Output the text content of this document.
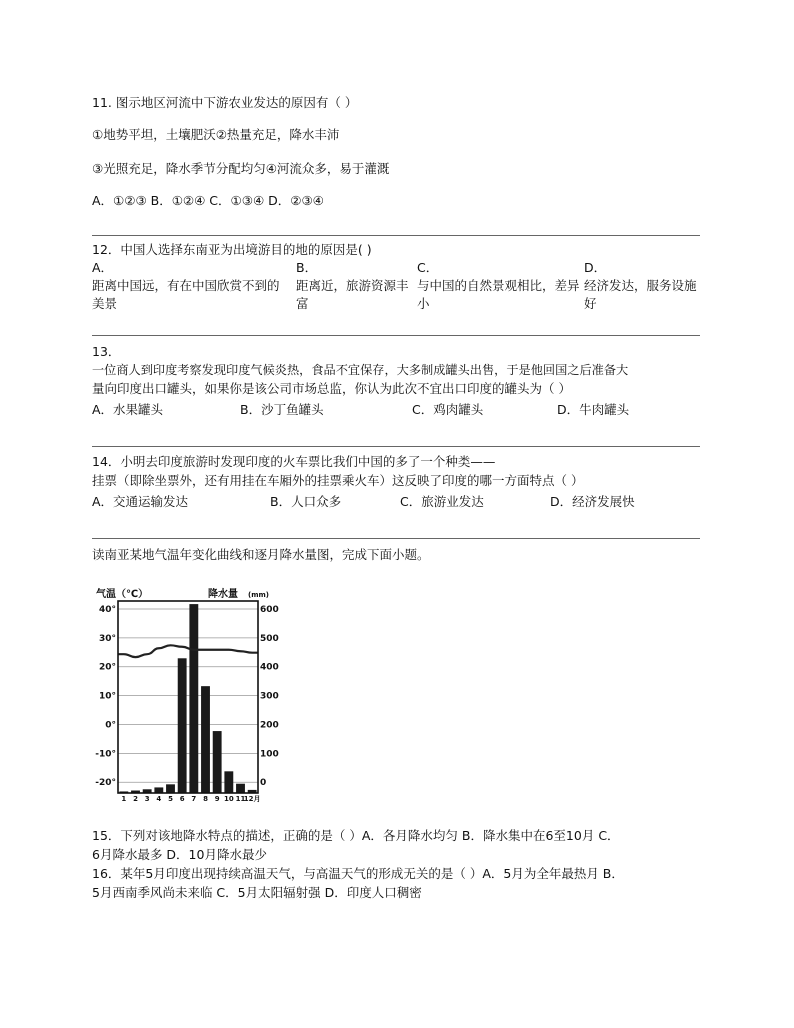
11. 图示地区河流中下游农业发达的原因有（ ）
①地势平坦，土壤肥沃②热量充足，降水丰沛
③光照充足，降水季节分配均匀④河流众多，易于灌溉
A．①②③ B．①②④ C．①③④ D．②③④
12．中国人选择东南亚为出境游目的地的原因是( )
A．
距离中国远，有在中国欣赏不到的美景
B．
距离近，旅游资源丰富
C．
与中国的自然景观相比，差异小
D．
经济发达，服务设施好
13．
一位商人到印度考察发现印度气候炎热，食品不宜保存，大多制成罐头出售，于是他回国之后准备大
量向印度出口罐头，如果你是该公司市场总监，你认为此次不宜出口印度的罐头为（ ）
A．水果罐头	B．沙丁鱼罐头	C．鸡肉罐头	D．牛肉罐头
14．小明去印度旅游时发现印度的火车票比我们中国的多了一个种类——
挂票（即除坐票外，还有用挂在车厢外的挂票乘火车）这反映了印度的哪一方面特点（ ）
A．交通运输发达	B．人口众多	C．旅游业发达	D．经济发展快
读南亚某地气温年变化曲线和逐月降水量图，完成下面小题。
40°
30°
20°
10°
0°
-10°
-20°
600
500
400
300
200
100
0
1 2 3 4 5 6 7 8 9 10 11
12月
气温（℃）	降水量 (mm)
15．下列对该地降水特点的描述，正确的是（ ）A．各月降水均匀 B．降水集中在6至10月 C．
6月降水最多 D．10月降水最少
16．某年5月印度出现持续高温天气，与高温天气的形成无关的是（ ）A．5月为全年最热月 B．
5月西南季风尚未来临 C．5月太阳辐射强 D．印度人口稠密
